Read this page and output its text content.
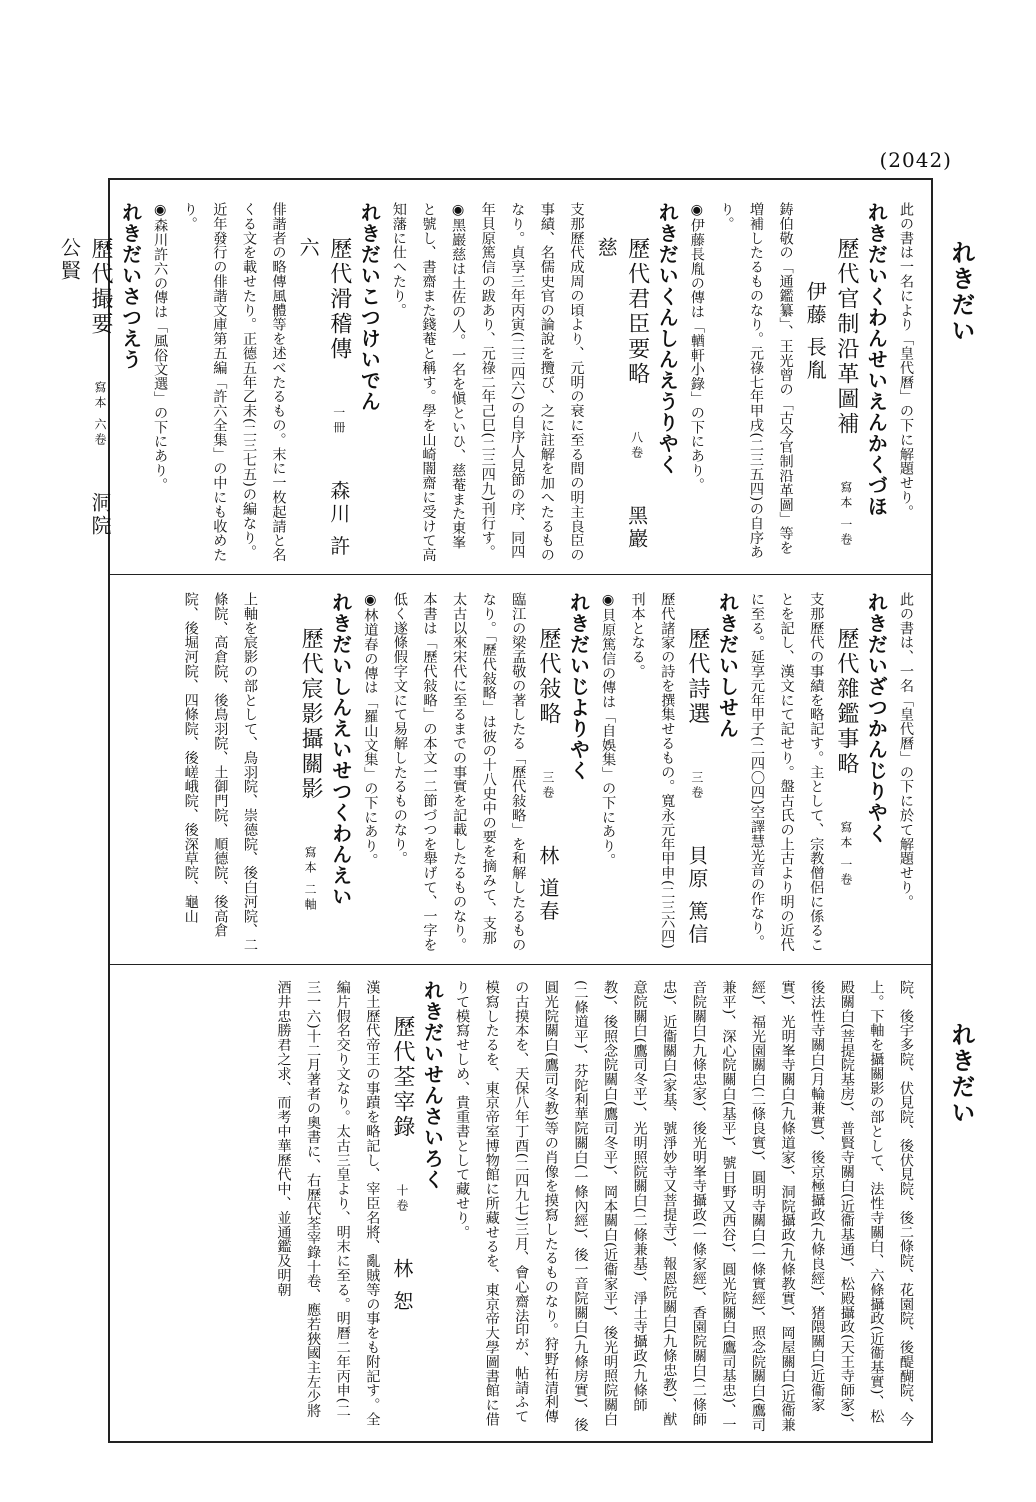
(2042)
れきだい
れきだい

此の書は一名により「皇代曆」の下に解題せり。

れきだいくわんせいえんかくづほ

歷代官制沿革圖補寫本 一卷伊藤 長胤

鋳伯敬の「通鑑纂」、王光曾の「古今官制沿革圖」等を増補したるものなり。元祿七年甲戌(二三五四)の自序あり。

◉伊藤長胤の傳は「輶軒小錄」の下にあり。

れきだいくんしんえうりやく

歷代君臣要略八卷黑巖 慈

支那歷代成周の頃より、元明の衰に至る間の明主良臣の事績、名儒史官の論說を攬び、之に註解を加へたるものなり。貞享三年丙寅(二三四六)の自序人見節の序、同四年貝原篤信の跋あり、元祿二年己巳(二三四九)刊行す。

◉黑巖慈は土佐の人。一名を愼といひ、慈菴また東峯と號し、書齋また錢菴と稱す。學を山崎闇齋に受けて高知藩に仕へたり。

れきだいこつけいでん

歷代滑稽傳一冊森川 許六

俳諧者の略傳風體等を述べたるもの。末に一枚起請と名くる文を載せたり。正德五年乙未(二三七五)の編なり。近年發行の俳諧文庫第五編「許六全集」の中にも收めたり。

◉森川許六の傳は「風俗文選」の下にあり。

れきだいさつえう

歷代撮要寫本 六卷洞院 公賢

此の書は、一名「皇代曆」の下に於て解題せり。

れきだいざつかんじりやく

歷代雜鑑事略寫本 一卷

支那歷代の事績を略記す。主として、宗教僧侶に係ることを記し、漢文にて記せり。盤古氏の上古より明の近代に至る。延享元年甲子(二四〇四)空譯慧光音の作なり。

れきだいしせん

歷代詩選三卷貝原 篤信

歷代諸家の詩を撰集せるもの。寬永元年甲申(二三六四)刊本となる。

◉貝原篤信の傳は「自娛集」の下にあり。

れきだいじよりやく

歷代敍略三卷林 道春

臨江の梁孟敬の著したる「歷代敍略」を和解したるものなり。「歷代敍略」は彼の十八史中の要を摘みて、支那太古以來宋代に至るまでの事實を記載したるものなり。本書は「歷代敍略」の本文一二節づつを舉げて、一字を低く遂條假字文にて易解したるものなり。

◉林道春の傳は「羅山文集」の下にあり。

れきだいしんえいせつくわんえい

歷代宸影攝關影寫本 二軸

上軸を宸影の部として、鳥羽院、崇德院、後白河院、二條院、高倉院、後鳥羽院、土御門院、順德院、後高倉院、後堀河院、四條院、後嵯峨院、後深草院、龜山

院、後宇多院、伏見院、後伏見院、後二條院、花園院、後醍醐院、今上。下軸を攝關影の部として、法性寺關白、六條攝政(近衞基實)、松殿關白(菩提院基房)、普賢寺關白(近衞基通)、松殿攝政(天王寺師家)、後法性寺關白(月輪兼實)、後京極攝政(九條良經)、猪隈關白(近衞家實)、光明峯寺關白(九條道家)、洞院攝政(九條教實)、岡屋關白(近衞兼經)、福光園關白(二條良實)、圓明寺關白(一條實經)、照念院關白(鷹司兼平)、深心院關白(基平)、號日野又西谷)、圓光院關白(鷹司基忠)、一音院關白(九條忠家)、後光明峯寺攝政(一條家經)、香園院關白(二條師忠)、近衞關白(家基、號淨妙寺又菩提寺)、報恩院關白(九條忠教)、猷意院關白(鷹司冬平)、光明照院關白(二條兼基)、淨土寺攝政(九條師教)、後照念院關白(鷹司冬平)、岡本關白(近衞家平)、後光明照院關白(二條道平)、芬陀利華院關白(一條內經)、後一音院關白(九條房實)、後圓光院關白(鷹司冬教)等の肖像を摸寫したるものなり。狩野祐清利傳の古摸本を、天保八年丁酉(二四九七)三月、會心齋法印が、帖請ふて模寫したるを、東京帝室博物館に所藏せるを、東京帝大學圖書館に借りて模寫せしめ、貴重書として藏せり。

れきだいせんさいろく

歷代荃宰錄十卷林 恕

漢土歷代帝王の事蹟を略記し、宰臣名將、亂賊等の事をも附記す。全編片假名交り文なり。太古三皇より、明末に至る。明曆二年丙申(二三一六)十二月著者の奧書に、右歷代荃宰錄十卷、應若狹國主左少將酒井忠勝君之求、而考中華歷代中、並通鑑及明朝
